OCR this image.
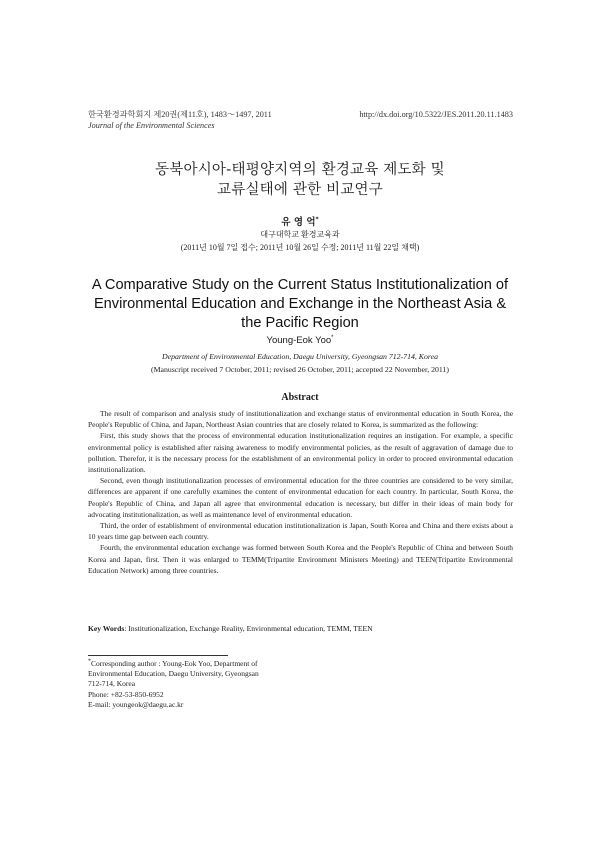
한국환경과학회지 제20권(제11호), 1483～1497, 2011	http://dx.doi.org/10.5322/JES.2011.20.11.1483
Journal of the Environmental Sciences
동북아시아-태평양지역의 환경교육 제도화 및
교류실태에 관한 비교연구
유 영 억*
대구대학교 환경교육과
(2011년 10월 7일 접수; 2011년 10월 26일 수정; 2011년 11월 22일 채택)
A Comparative Study on the Current Status Institutionalization of
Environmental Education and Exchange in the Northeast Asia &
the Pacific Region
Young-Eok Yoo*
Department of Environmental Education, Daegu University, Gyeongsan 712-714, Korea
(Manuscript received 7 October, 2011; revised 26 October, 2011; accepted 22 November, 2011)
Abstract

The result of comparison and analysis study of institutionalization and exchange status of environmental education in South Korea, the People's Republic of China, and Japan, Northeast Asian countries that are closely related to Korea, is summarized as the following:

First, this study shows that the process of environmental education institutionalization requires an instigation. For example, a specific environmental policy is established after raising awareness to modify environmental policies, as the result of aggravation of damage due to pollution. Therefor, it is the necessary process for the establishment of an environmental policy in order to proceed environmental education institutionalization.

Second, even though institutionalization processes of environmental education for the three countries are considered to be very similar, differences are apparent if one carefully examines the content of environmental education for each country. In particular, South Korea, the People's Republic of China, and Japan all agree that environmental education is necessary, but differ in their ideas of main body for advocating institutionalization, as well as maintenance level of environmental education.

Third, the order of establishment of environmental education institutionalization is Japan, South Korea and China and there exists about a 10 years time gap between each country.

Fourth, the environmental education exchange was formed between South Korea and the People's Republic of China and between South Korea and Japan, first. Then it was enlarged to TEMM(Tripartite Environment Ministers Meeting) and TEEN(Tripartite Environmental Education Network) among three countries.

Key Words: Institutionalization, Exchange Reality, Environmental education, TEMM, TEEN
*Corresponding author : Young-Eok Yoo, Department of
Environmental Education, Daegu University, Gyeongsan
712-714, Korea
Phone: +82-53-850-6952
E-mail: youngeok@daegu.ac.kr
